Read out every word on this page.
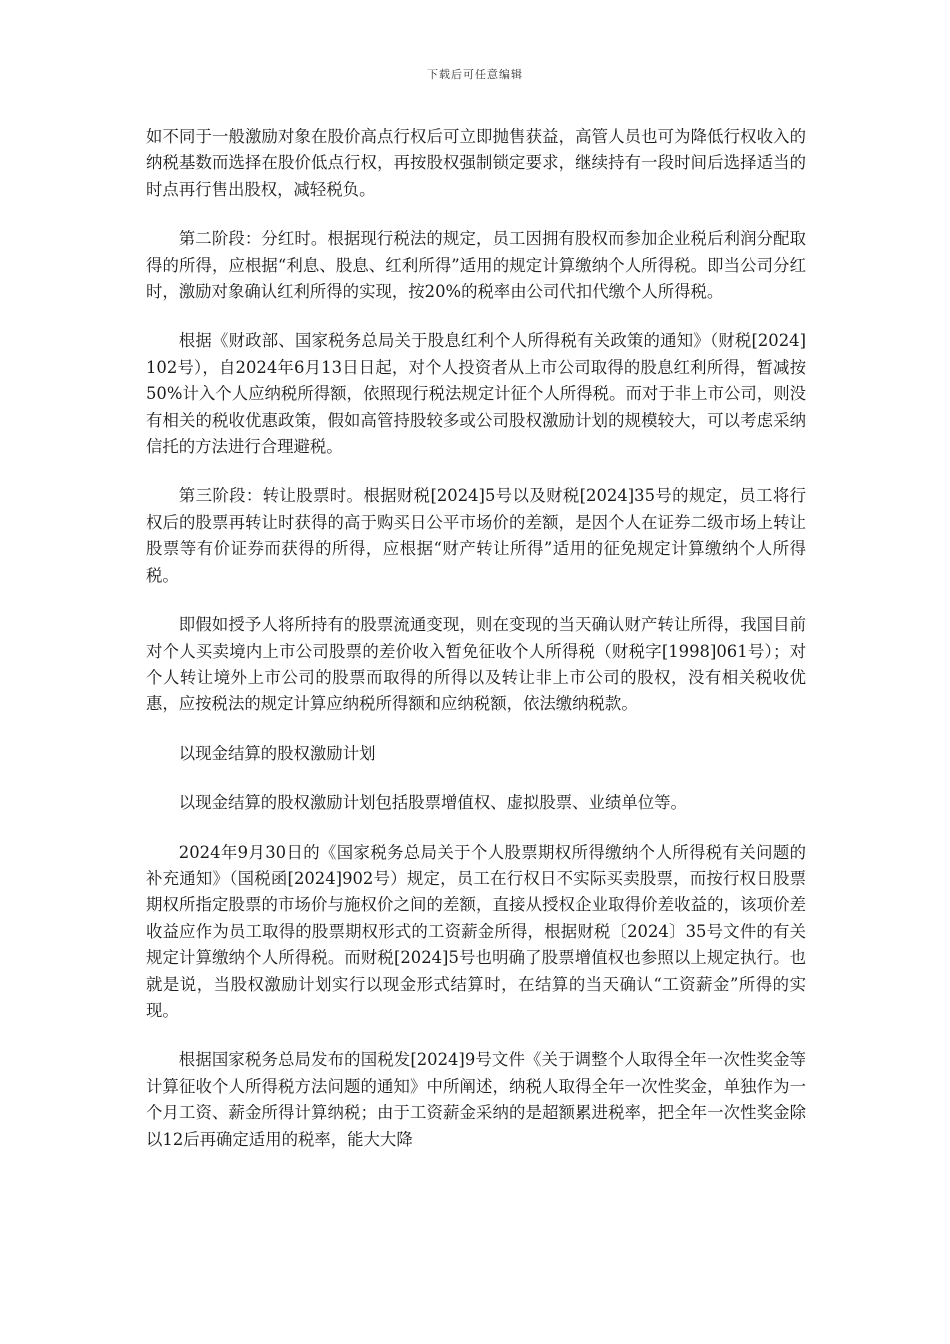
下载后可任意编辑

如不同于一般激励对象在股价高点行权后可立即抛售获益，高管人员也可为降低行权收入的纳税基数而选择在股价低点行权，再按股权强制锁定要求，继续持有一段时间后选择适当的时点再行售出股权，减轻税负。

第二阶段：分红时。根据现行税法的规定，员工因拥有股权而参加企业税后利润分配取得的所得，应根据“利息、股息、红利所得”适用的规定计算缴纳个人所得税。即当公司分红时，激励对象确认红利所得的实现，按20%的税率由公司代扣代缴个人所得税。

根据《财政部、国家税务总局关于股息红利个人所得税有关政策的通知》（财税[2024]102号），自2024年6月13日日起，对个人投资者从上市公司取得的股息红利所得，暂减按50%计入个人应纳税所得额，依照现行税法规定计征个人所得税。而对于非上市公司，则没有相关的税收优惠政策，假如高管持股较多或公司股权激励计划的规模较大，可以考虑采纳信托的方法进行合理避税。

第三阶段：转让股票时。根据财税[2024]5号以及财税[2024]35号的规定，员工将行权后的股票再转让时获得的高于购买日公平市场价的差额，是因个人在证券二级市场上转让股票等有价证券而获得的所得，应根据“财产转让所得”适用的征免规定计算缴纳个人所得税。

即假如授予人将所持有的股票流通变现，则在变现的当天确认财产转让所得，我国目前对个人买卖境内上市公司股票的差价收入暂免征收个人所得税（财税字[1998]061号）；对个人转让境外上市公司的股票而取得的所得以及转让非上市公司的股权，没有相关税收优惠，应按税法的规定计算应纳税所得额和应纳税额，依法缴纳税款。

以现金结算的股权激励计划

以现金结算的股权激励计划包括股票增值权、虚拟股票、业绩单位等。

2024年9月30日的《国家税务总局关于个人股票期权所得缴纳个人所得税有关问题的补充通知》（国税函[2024]902号）规定，员工在行权日不实际买卖股票，而按行权日股票期权所指定股票的市场价与施权价之间的差额，直接从授权企业取得价差收益的，该项价差收益应作为员工取得的股票期权形式的工资薪金所得，根据财税〔2024〕35号文件的有关规定计算缴纳个人所得税。而财税[2024]5号也明确了股票增值权也参照以上规定执行。也就是说，当股权激励计划实行以现金形式结算时，在结算的当天确认“工资薪金”所得的实现。

根据国家税务总局发布的国税发[2024]9号文件《关于调整个人取得全年一次性奖金等计算征收个人所得税方法问题的通知》中所阐述，纳税人取得全年一次性奖金，单独作为一个月工资、薪金所得计算纳税；由于工资薪金采纳的是超额累进税率，把全年一次性奖金除以12后再确定适用的税率，能大大降
